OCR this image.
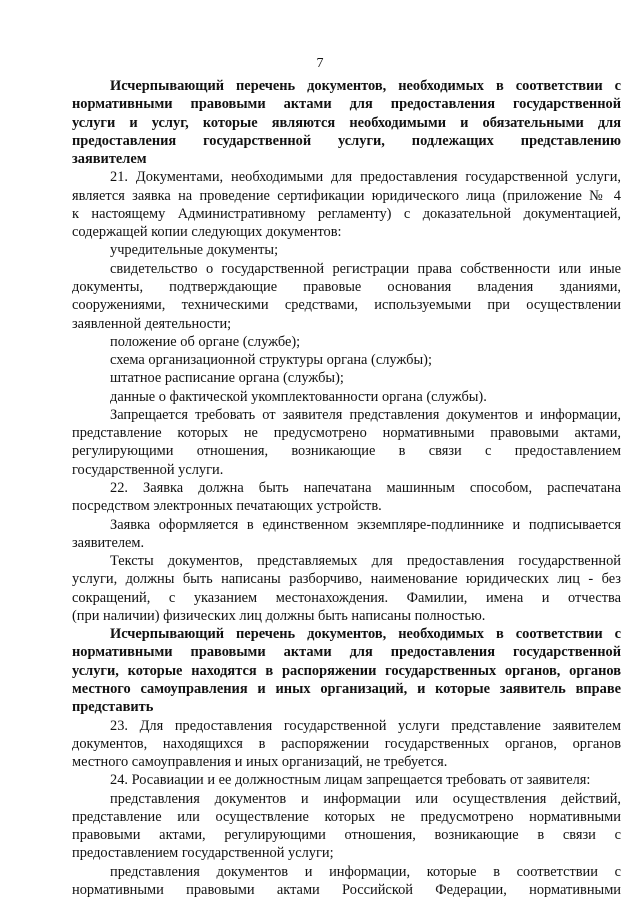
7
Исчерпывающий перечень документов, необходимых в соответствии с
нормативными правовыми актами для предоставления государственной
услуги и услуг, которые являются необходимыми и обязательными для
предоставления государственной услуги, подлежащих представлению
заявителем
21. Документами, необходимыми для предоставления государственной услуги,
является заявка на проведение сертификации юридического лица (приложение № 4
к настоящему Административному регламенту) с доказательной документацией,
содержащей копии следующих документов:
учредительные документы;
свидетельство о государственной регистрации права собственности или иные
документы, подтверждающие правовые основания владения зданиями,
сооружениями, техническими средствами, используемыми при осуществлении
заявленной деятельности;
положение об органе (службе);
схема организационной структуры органа (службы);
штатное расписание органа (службы);
данные о фактической укомплектованности органа (службы).
Запрещается требовать от заявителя представления документов и информации,
представление которых не предусмотрено нормативными правовыми актами,
регулирующими отношения, возникающие в связи с предоставлением
государственной услуги.
22. Заявка должна быть напечатана машинным способом, распечатана
посредством электронных печатающих устройств.
Заявка оформляется в единственном экземпляре-подлиннике и подписывается
заявителем.
Тексты документов, представляемых для предоставления государственной
услуги, должны быть написаны разборчиво, наименование юридических лиц - без
сокращений, с указанием местонахождения. Фамилии, имена и отчества
(при наличии) физических лиц должны быть написаны полностью.
Исчерпывающий перечень документов, необходимых в соответствии с
нормативными правовыми актами для предоставления государственной
услуги, которые находятся в распоряжении государственных органов, органов
местного самоуправления и иных организаций, и которые заявитель вправе
представить
23. Для предоставления государственной услуги представление заявителем
документов, находящихся в распоряжении государственных органов, органов
местного самоуправления и иных организаций, не требуется.
24. Росавиации и ее должностным лицам запрещается требовать от заявителя:
представления документов и информации или осуществления действий,
представление или осуществление которых не предусмотрено нормативными
правовыми актами, регулирующими отношения, возникающие в связи с
предоставлением государственной услуги;
представления документов и информации, которые в соответствии с
нормативными правовыми актами Российской Федерации, нормативными
